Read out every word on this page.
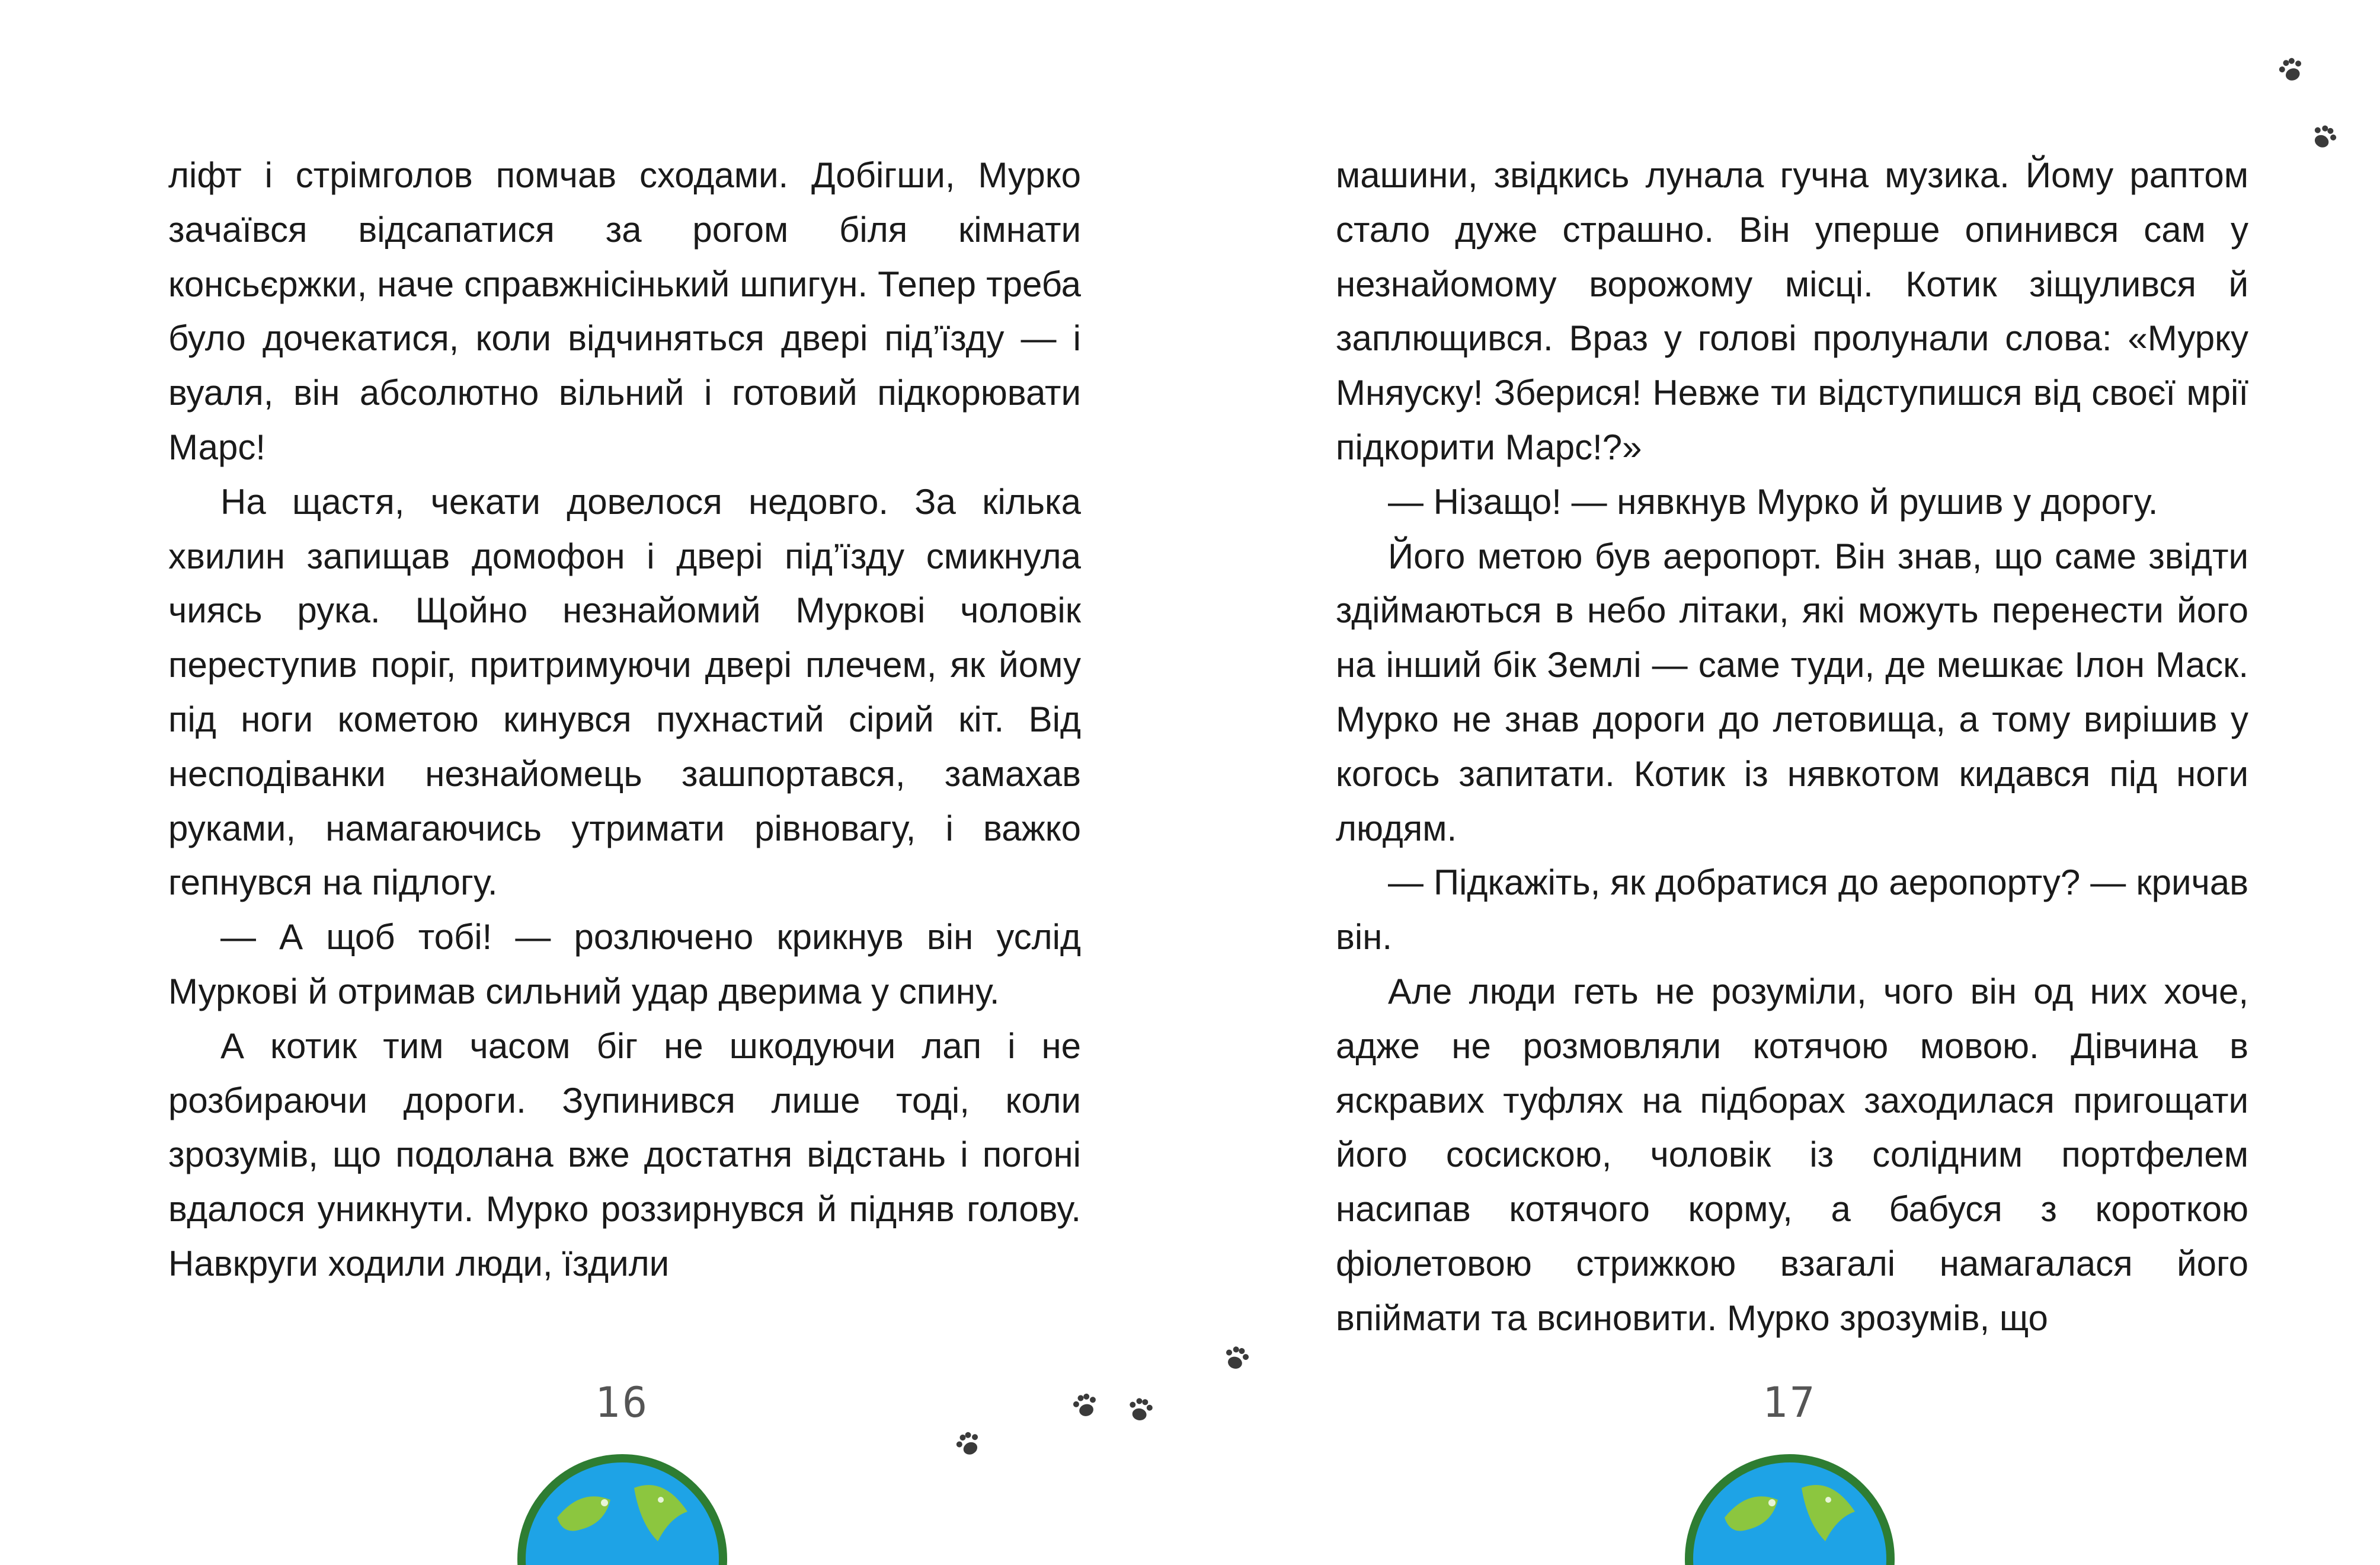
ліфт і стрімголов помчав сходами. Добігши, Мурко зачаївся відсапатися за рогом біля кімнати консьєржки, наче справжнісінький шпигун. Тепер треба було дочекатися, коли відчиняться двері під’їзду — і вуаля, він абсолютно вільний і готовий підкорювати Марс!

На щастя, чекати довелося недовго. За кілька хвилин запищав домофон і двері під’їзду смикнула чиясь рука. Щойно незнайомий Муркові чоловік переступив поріг, притримуючи двері плечем, як йому під ноги кометою кинувся пухнастий сірий кіт. Від несподіванки незнайомець зашпортався, замахав руками, намагаючись утримати рівновагу, і важко гепнувся на підлогу.

— А щоб тобі! — розлючено крикнув він услід Муркові й отримав сильний удар дверима у спину.

А котик тим часом біг не шкодуючи лап і не розбираючи дороги. Зупинився лише тоді, коли зрозумів, що подолана вже достатня відстань і погоні вдалося уникнути. Мурко роззирнувся й підняв голову. Навкруги ходили люди, їздили

машини, звідкись лунала гучна музика. Йому раптом стало дуже страшно. Він уперше опинився сам у незнайомому ворожому місці. Котик зіщулився й заплющився. Враз у голові пролунали слова: «Мурку Мняуску! Зберися! Невже ти відступишся від своєї мрії підкорити Марс!?»

— Нізащо! — нявкнув Мурко й рушив у дорогу.

Його метою був аеропорт. Він знав, що саме звідти здіймаються в небо літаки, які можуть перенести його на інший бік Землі — саме туди, де мешкає Ілон Маск. Мурко не знав дороги до летовища, а тому вирішив у когось запитати. Котик із нявкотом кидався під ноги людям.

— Підкажіть, як добратися до аеропорту? — кричав він.

Але люди геть не розуміли, чого він од них хоче, адже не розмовляли котячою мовою. Дівчина в яскравих туфлях на підборах заходилася пригощати його сосискою, чоловік із солідним портфелем насипав котячого корму, а бабуся з короткою фіолетовою стрижкою взагалі намагалася його впіймати та всиновити. Мурко зрозумів, що

16	17
